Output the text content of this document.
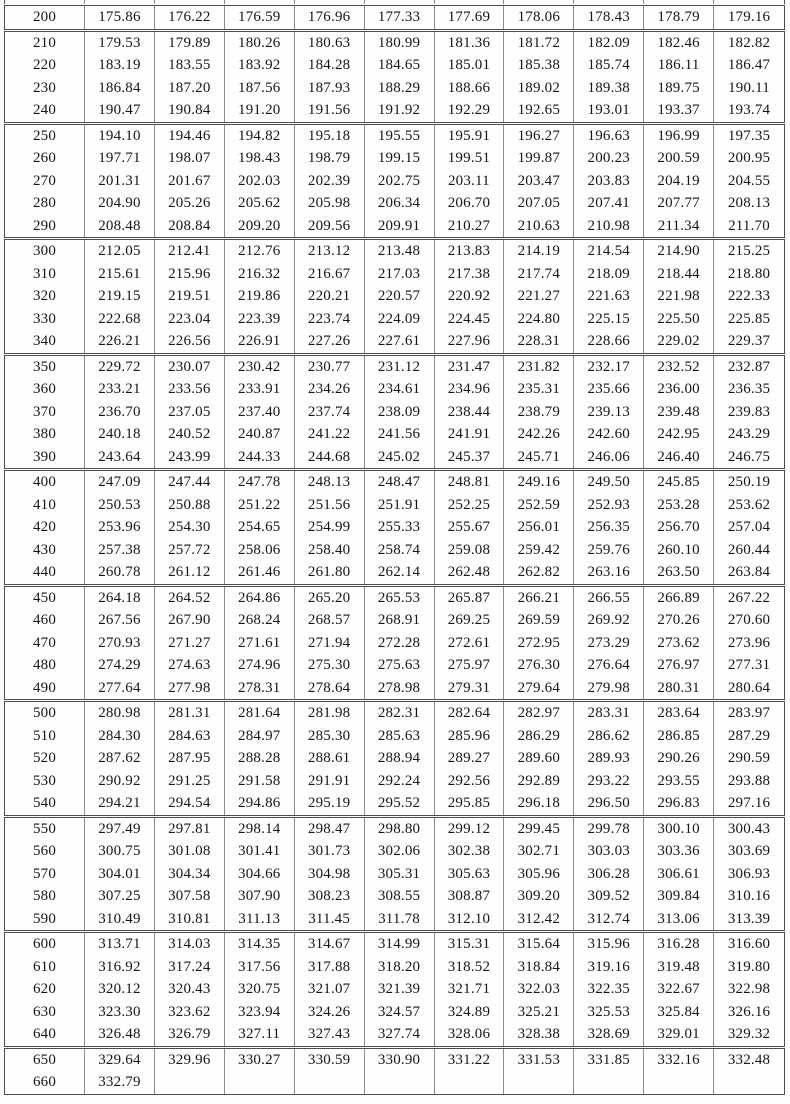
200	175.86	176.22	176.59	176.96	177.33	177.69	178.06	178.43	178.79	179.16
210	179.53	179.89	180.26	180.63	180.99	181.36	181.72	182.09	182.46	182.82
220	183.19	183.55	183.92	184.28	184.65	185.01	185.38	185.74	186.11	186.47
230	186.84	187.20	187.56	187.93	188.29	188.66	189.02	189.38	189.75	190.11
240	190.47	190.84	191.20	191.56	191.92	192.29	192.65	193.01	193.37	193.74
250	194.10	194.46	194.82	195.18	195.55	195.91	196.27	196.63	196.99	197.35
260	197.71	198.07	198.43	198.79	199.15	199.51	199.87	200.23	200.59	200.95
270	201.31	201.67	202.03	202.39	202.75	203.11	203.47	203.83	204.19	204.55
280	204.90	205.26	205.62	205.98	206.34	206.70	207.05	207.41	207.77	208.13
290	208.48	208.84	209.20	209.56	209.91	210.27	210.63	210.98	211.34	211.70
300	212.05	212.41	212.76	213.12	213.48	213.83	214.19	214.54	214.90	215.25
310	215.61	215.96	216.32	216.67	217.03	217.38	217.74	218.09	218.44	218.80
320	219.15	219.51	219.86	220.21	220.57	220.92	221.27	221.63	221.98	222.33
330	222.68	223.04	223.39	223.74	224.09	224.45	224.80	225.15	225.50	225.85
340	226.21	226.56	226.91	227.26	227.61	227.96	228.31	228.66	229.02	229.37
350	229.72	230.07	230.42	230.77	231.12	231.47	231.82	232.17	232.52	232.87
360	233.21	233.56	233.91	234.26	234.61	234.96	235.31	235.66	236.00	236.35
370	236.70	237.05	237.40	237.74	238.09	238.44	238.79	239.13	239.48	239.83
380	240.18	240.52	240.87	241.22	241.56	241.91	242.26	242.60	242.95	243.29
390	243.64	243.99	244.33	244.68	245.02	245.37	245.71	246.06	246.40	246.75
400	247.09	247.44	247.78	248.13	248.47	248.81	249.16	249.50	245.85	250.19
410	250.53	250.88	251.22	251.56	251.91	252.25	252.59	252.93	253.28	253.62
420	253.96	254.30	254.65	254.99	255.33	255.67	256.01	256.35	256.70	257.04
430	257.38	257.72	258.06	258.40	258.74	259.08	259.42	259.76	260.10	260.44
440	260.78	261.12	261.46	261.80	262.14	262.48	262.82	263.16	263.50	263.84
450	264.18	264.52	264.86	265.20	265.53	265.87	266.21	266.55	266.89	267.22
460	267.56	267.90	268.24	268.57	268.91	269.25	269.59	269.92	270.26	270.60
470	270.93	271.27	271.61	271.94	272.28	272.61	272.95	273.29	273.62	273.96
480	274.29	274.63	274.96	275.30	275.63	275.97	276.30	276.64	276.97	277.31
490	277.64	277.98	278.31	278.64	278.98	279.31	279.64	279.98	280.31	280.64
500	280.98	281.31	281.64	281.98	282.31	282.64	282.97	283.31	283.64	283.97
510	284.30	284.63	284.97	285.30	285.63	285.96	286.29	286.62	286.85	287.29
520	287.62	287.95	288.28	288.61	288.94	289.27	289.60	289.93	290.26	290.59
530	290.92	291.25	291.58	291.91	292.24	292.56	292.89	293.22	293.55	293.88
540	294.21	294.54	294.86	295.19	295.52	295.85	296.18	296.50	296.83	297.16
550	297.49	297.81	298.14	298.47	298.80	299.12	299.45	299.78	300.10	300.43
560	300.75	301.08	301.41	301.73	302.06	302.38	302.71	303.03	303.36	303.69
570	304.01	304.34	304.66	304.98	305.31	305.63	305.96	306.28	306.61	306.93
580	307.25	307.58	307.90	308.23	308.55	308.87	309.20	309.52	309.84	310.16
590	310.49	310.81	311.13	311.45	311.78	312.10	312.42	312.74	313.06	313.39
600	313.71	314.03	314.35	314.67	314.99	315.31	315.64	315.96	316.28	316.60
610	316.92	317.24	317.56	317.88	318.20	318.52	318.84	319.16	319.48	319.80
620	320.12	320.43	320.75	321.07	321.39	321.71	322.03	322.35	322.67	322.98
630	323.30	323.62	323.94	324.26	324.57	324.89	325.21	325.53	325.84	326.16
640	326.48	326.79	327.11	327.43	327.74	328.06	328.38	328.69	329.01	329.32
650	329.64	329.96	330.27	330.59	330.90	331.22	331.53	331.85	332.16	332.48
660	332.79
